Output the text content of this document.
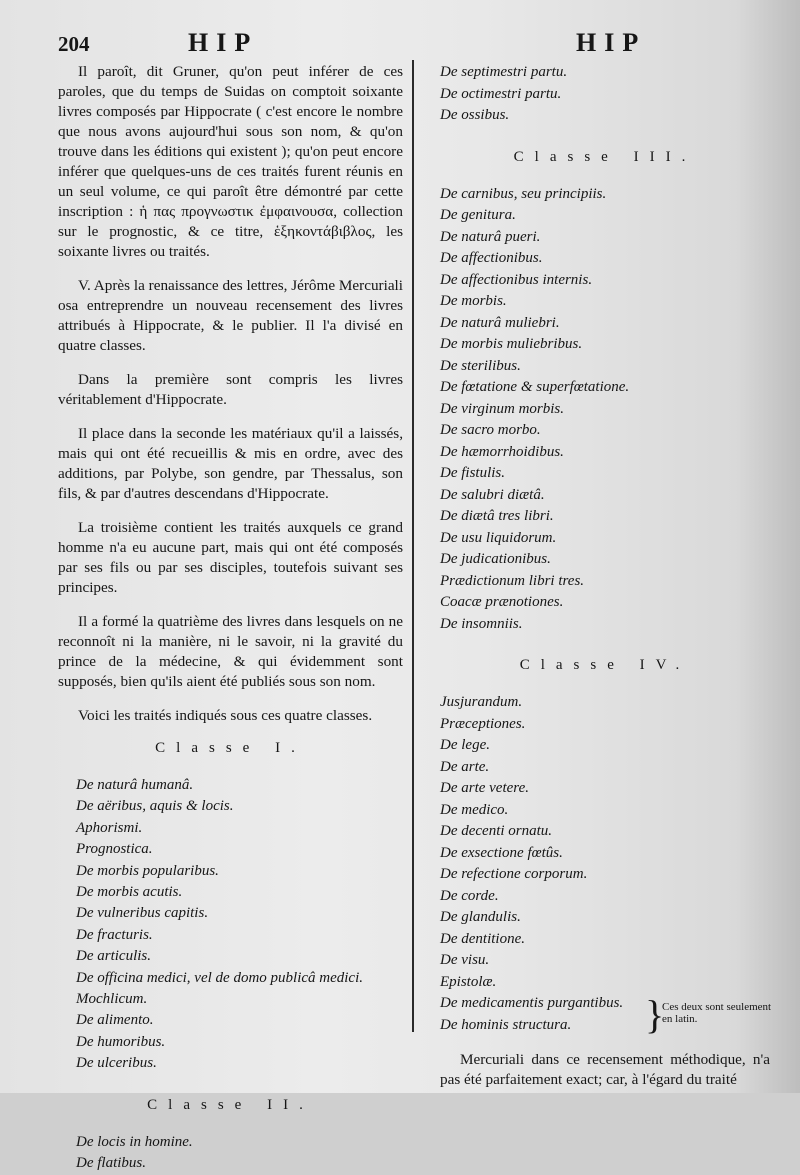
204	HIP	HIP

Il paroît, dit Gruner, qu'on peut inférer de ces paroles, que du temps de Suidas on comptoit soixante livres composés par Hippocrate ( c'est encore le nombre que nous avons aujourd'hui sous son nom, & qu'on trouve dans les éditions qui existent ); qu'on peut encore inférer que quelques-uns de ces traités furent réunis en un seul volume, ce qui paroît être démontré par cette inscription : ἡ πας προγνωστικ ἐμφαινουσα, collection sur le prognostic, & ce titre, ἑξηκοντάβιβλος, les soixante livres ou traités.

V. Après la renaissance des lettres, Jérôme Mercuriali osa entreprendre un nouveau recensement des livres attribués à Hippocrate, & le publier. Il l'a divisé en quatre classes.

Dans la première sont compris les livres véritablement d'Hippocrate.

Il place dans la seconde les matériaux qu'il a laissés, mais qui ont été recueillis & mis en ordre, avec des additions, par Polybe, son gendre, par Thessalus, son fils, & par d'autres descendans d'Hippocrate.

La troisième contient les traités auxquels ce grand homme n'a eu aucune part, mais qui ont été composés par ses fils ou par ses disciples, toutefois suivant ses principes.

Il a formé la quatrième des livres dans lesquels on ne reconnoît ni la manière, ni le savoir, ni la gravité du prince de la médecine, & qui évidemment sont supposés, bien qu'ils aient été publiés sous son nom.

Voici les traités indiqués sous ces quatre classes.

Classe I.
De naturâ humanâ.
De aëribus, aquis & locis.
Aphorismi.
Prognostica.
De morbis popularibus.
De morbis acutis.
De vulneribus capitis.
De fracturis.
De articulis.
De officina medici, vel de domo publicâ medici.
Mochlicum.
De alimento.
De humoribus.
De ulceribus.
Classe II.
De locis in homine.
De flatibus.
De septimestri partu.
De octimestri partu.
De ossibus.
Classe III.
De carnibus, seu principiis.
De genitura.
De naturâ pueri.
De affectionibus.
De affectionibus internis.
De morbis.
De naturâ muliebri.
De morbis muliebribus.
De sterilibus.
De fœtatione & superfœtatione.
De virginum morbis.
De sacro morbo.
De hæmorrhoidibus.
De fistulis.
De salubri diætâ.
De diætâ tres libri.
De usu liquidorum.
De judicationibus.
Prædictionum libri tres.
Coacæ prænotiones.
De insomniis.
Classe IV.
Jusjurandum.
Præceptiones.
De lege.
De arte.
De arte vetere.
De medico.
De decenti ornatu.
De exsectione fœtûs.
De refectione corporum.
De corde.
De glandulis.
De dentitione.
De visu.
Epistolæ.
De medicamentis purgantibus.
De hominis structura.	}
Ces deux sont seulement en latin.

Mercuriali dans ce recensement méthodique, n'a pas été parfaitement exact; car, à l'égard du traité
